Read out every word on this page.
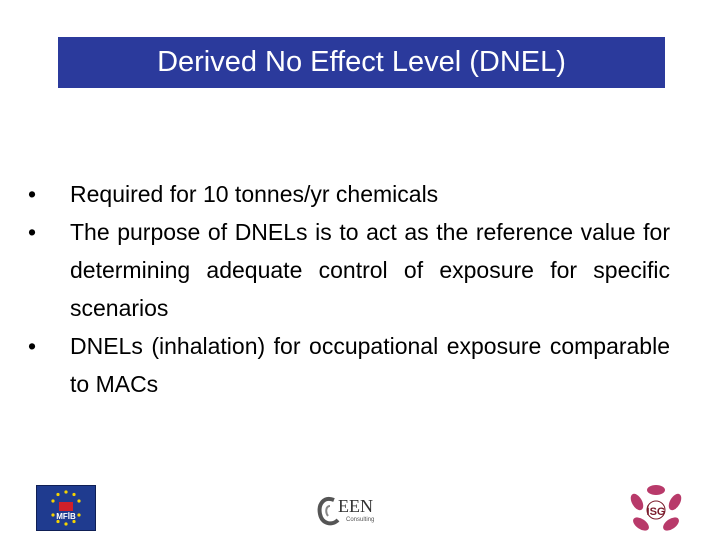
Derived No Effect Level (DNEL)
•	Required for 10 tonnes/yr chemicals
•	The purpose of DNELs is to act as the reference value for determining adequate control of exposure for specific scenarios
•	DNELs (inhalation) for occupational exposure comparable to MACs
MFİB
EEN
Consulting
İSG
